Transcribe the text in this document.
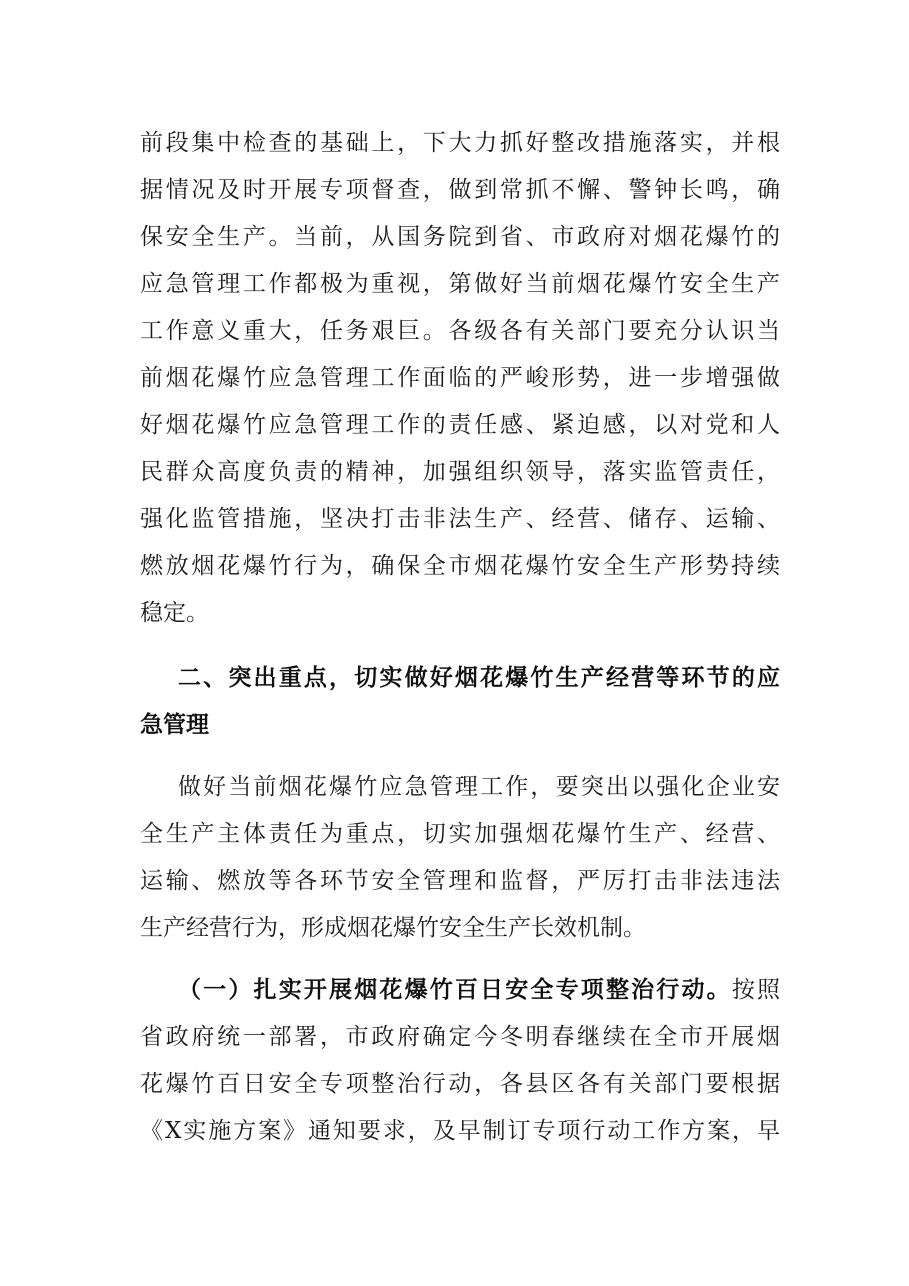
前段集中检查的基础上，下大力抓好整改措施落实，并根

据情况及时开展专项督查，做到常抓不懈、警钟长鸣，确

保安全生产。当前，从国务院到省、市政府对烟花爆竹的

应急管理工作都极为重视，第做好当前烟花爆竹安全生产

工作意义重大，任务艰巨。各级各有关部门要充分认识当

前烟花爆竹应急管理工作面临的严峻形势，进一步增强做

好烟花爆竹应急管理工作的责任感、紧迫感，以对党和人

民群众高度负责的精神，加强组织领导，落实监管责任，

强化监管措施，坚决打击非法生产、经营、储存、运输、

燃放烟花爆竹行为，确保全市烟花爆竹安全生产形势持续

稳定。

二、突出重点，切实做好烟花爆竹生产经营等环节的应

急管理

做好当前烟花爆竹应急管理工作，要突出以强化企业安

全生产主体责任为重点，切实加强烟花爆竹生产、经营、

运输、燃放等各环节安全管理和监督，严厉打击非法违法

生产经营行为，形成烟花爆竹安全生产长效机制。

（一）扎实开展烟花爆竹百日安全专项整治行动。按照

省政府统一部署，市政府确定今冬明春继续在全市开展烟

花爆竹百日安全专项整治行动，各县区各有关部门要根据

《X实施方案》通知要求，及早制订专项行动工作方案，早
